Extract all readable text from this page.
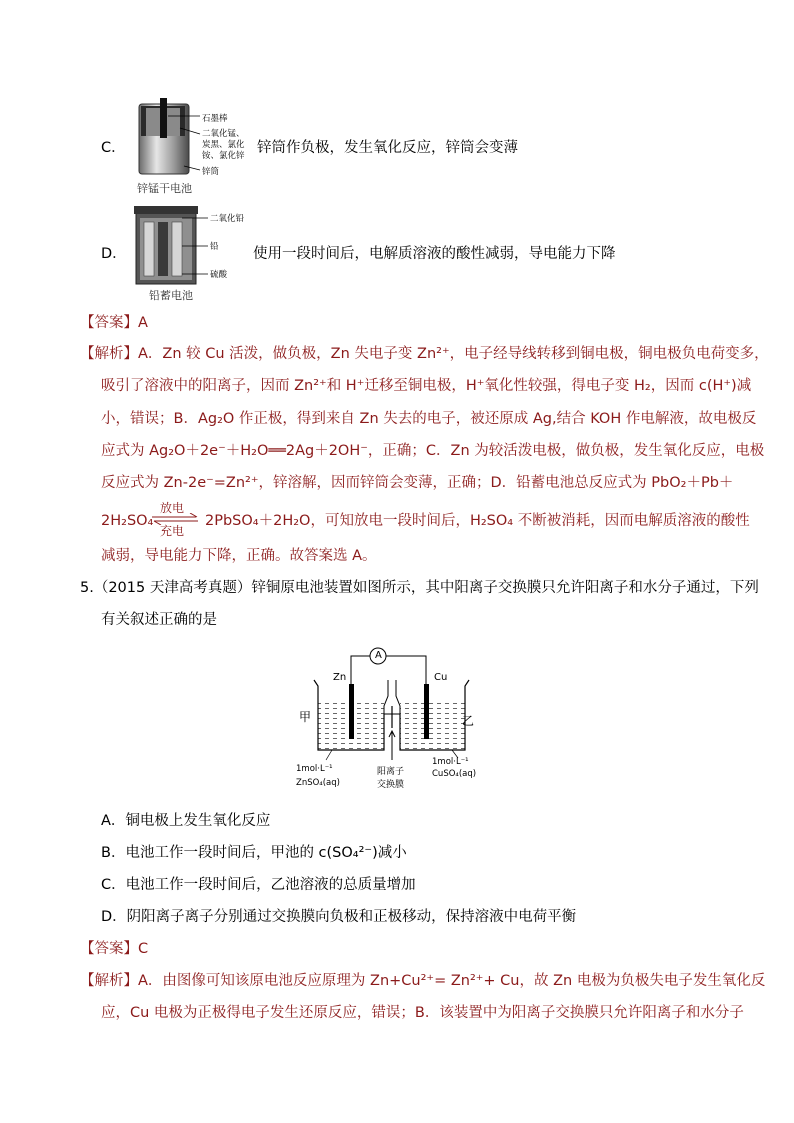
C．
石墨棒
二氧化锰、
炭黑、氯化
铵、氯化锌
锌筒
锌锰干电池
锌筒作负极，发生氧化反应，锌筒会变薄
D．
二氧化铅
铅
硫酸
铅蓄电池
使用一段时间后，电解质溶液的酸性减弱，导电能力下降
【答案】A
【解析】A．Zn 较 Cu 活泼，做负极，Zn 失电子变 Zn²⁺，电子经导线转移到铜电极，铜电极负电荷变多，
吸引了溶液中的阳离子，因而 Zn²⁺和 H⁺迁移至铜电极，H⁺氧化性较强，得电子变 H₂，因而 c(H⁺)减
小，错误；B．Ag₂O 作正极，得到来自 Zn 失去的电子，被还原成 Ag,结合 KOH 作电解液，故电极反
应式为 Ag₂O＋2e⁻＋H₂O══2Ag＋2OH⁻，正确；C．Zn 为较活泼电极，做负极，发生氧化反应，电极
反应式为 Zn-2e⁻=Zn²⁺，锌溶解，因而锌筒会变薄，正确；D．铅蓄电池总反应式为 PbO₂＋Pb＋
2H₂SO₄
放电
充电
2PbSO₄＋2H₂O，可知放电一段时间后，H₂SO₄ 不断被消耗，因而电解质溶液的酸性
减弱，导电能力下降，正确。故答案选 A。
5.（2015 天津高考真题）锌铜原电池装置如图所示，其中阳离子交换膜只允许阳离子和水分子通过，下列
有关叙述正确的是
A
Zn	Cu
甲	乙
1mol·L⁻¹
ZnSO₄(aq)
1mol·L⁻¹
CuSO₄(aq)
阳离子
交换膜
A．铜电极上发生氧化反应
B．电池工作一段时间后，甲池的 c(SO₄²⁻)减小
C．电池工作一段时间后，乙池溶液的总质量增加
D．阴阳离子离子分别通过交换膜向负极和正极移动，保持溶液中电荷平衡
【答案】C
【解析】A．由图像可知该原电池反应原理为 Zn+Cu²⁺= Zn²⁺+ Cu，故 Zn 电极为负极失电子发生氧化反
应，Cu 电极为正极得电子发生还原反应，错误；B．该装置中为阳离子交换膜只允许阳离子和水分子
